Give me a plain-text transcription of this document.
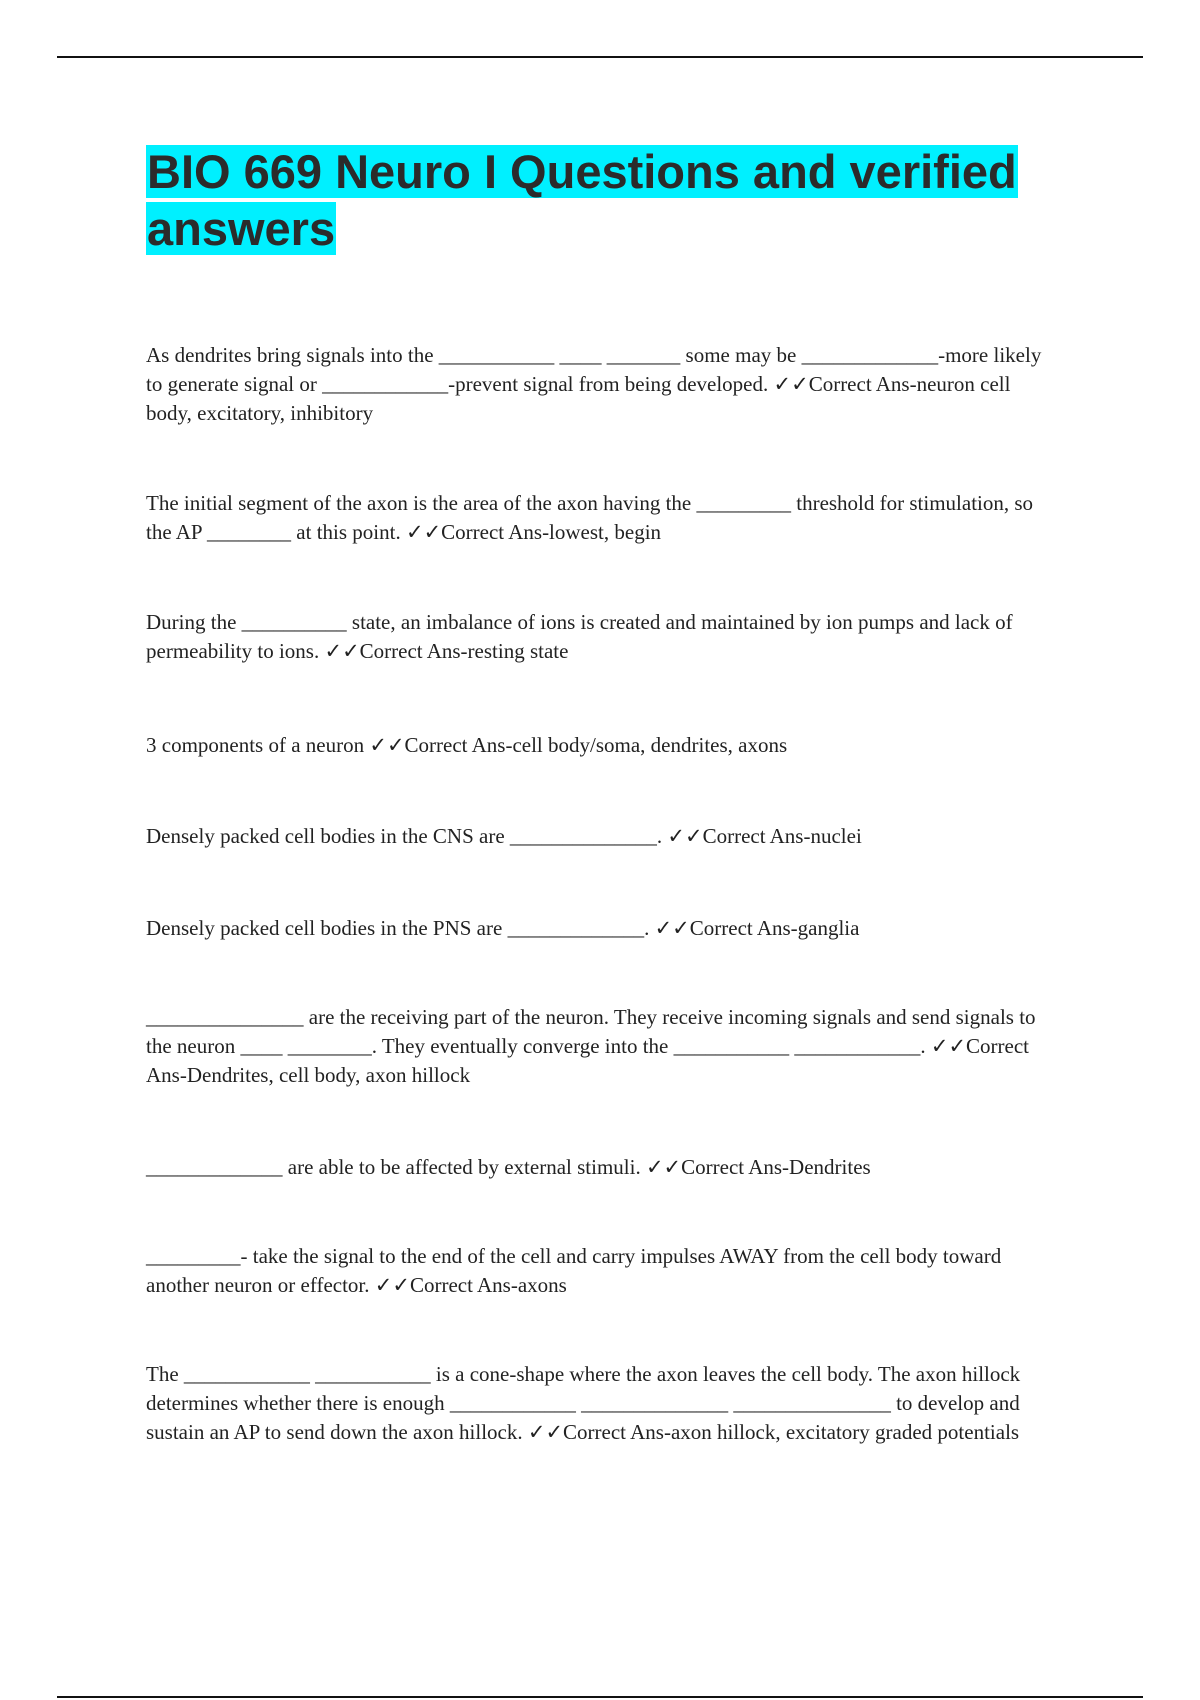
BIO 669 Neuro I Questions and verified
answers

As dendrites bring signals into the ___________ ____ _______ some may be _____________-more likely to generate signal or ____________-prevent signal from being developed. ✓✓Correct Ans-neuron cell body, excitatory, inhibitory

The initial segment of the axon is the area of the axon having the _________ threshold for stimulation, so the AP ________ at this point. ✓✓Correct Ans-lowest, begin

During the __________ state, an imbalance of ions is created and maintained by ion pumps and lack of permeability to ions. ✓✓Correct Ans-resting state

3 components of a neuron ✓✓Correct Ans-cell body/soma, dendrites, axons

Densely packed cell bodies in the CNS are ______________. ✓✓Correct Ans-nuclei

Densely packed cell bodies in the PNS are _____________. ✓✓Correct Ans-ganglia

_______________ are the receiving part of the neuron. They receive incoming signals and send signals to the neuron ____ ________. They eventually converge into the ___________ ____________. ✓✓Correct Ans-Dendrites, cell body, axon hillock

_____________ are able to be affected by external stimuli. ✓✓Correct Ans-Dendrites

_________- take the signal to the end of the cell and carry impulses AWAY from the cell body toward another neuron or effector. ✓✓Correct Ans-axons

The ____________ ___________ is a cone-shape where the axon leaves the cell body. The axon hillock determines whether there is enough ____________ ______________ _______________ to develop and sustain an AP to send down the axon hillock. ✓✓Correct Ans-axon hillock, excitatory graded potentials
